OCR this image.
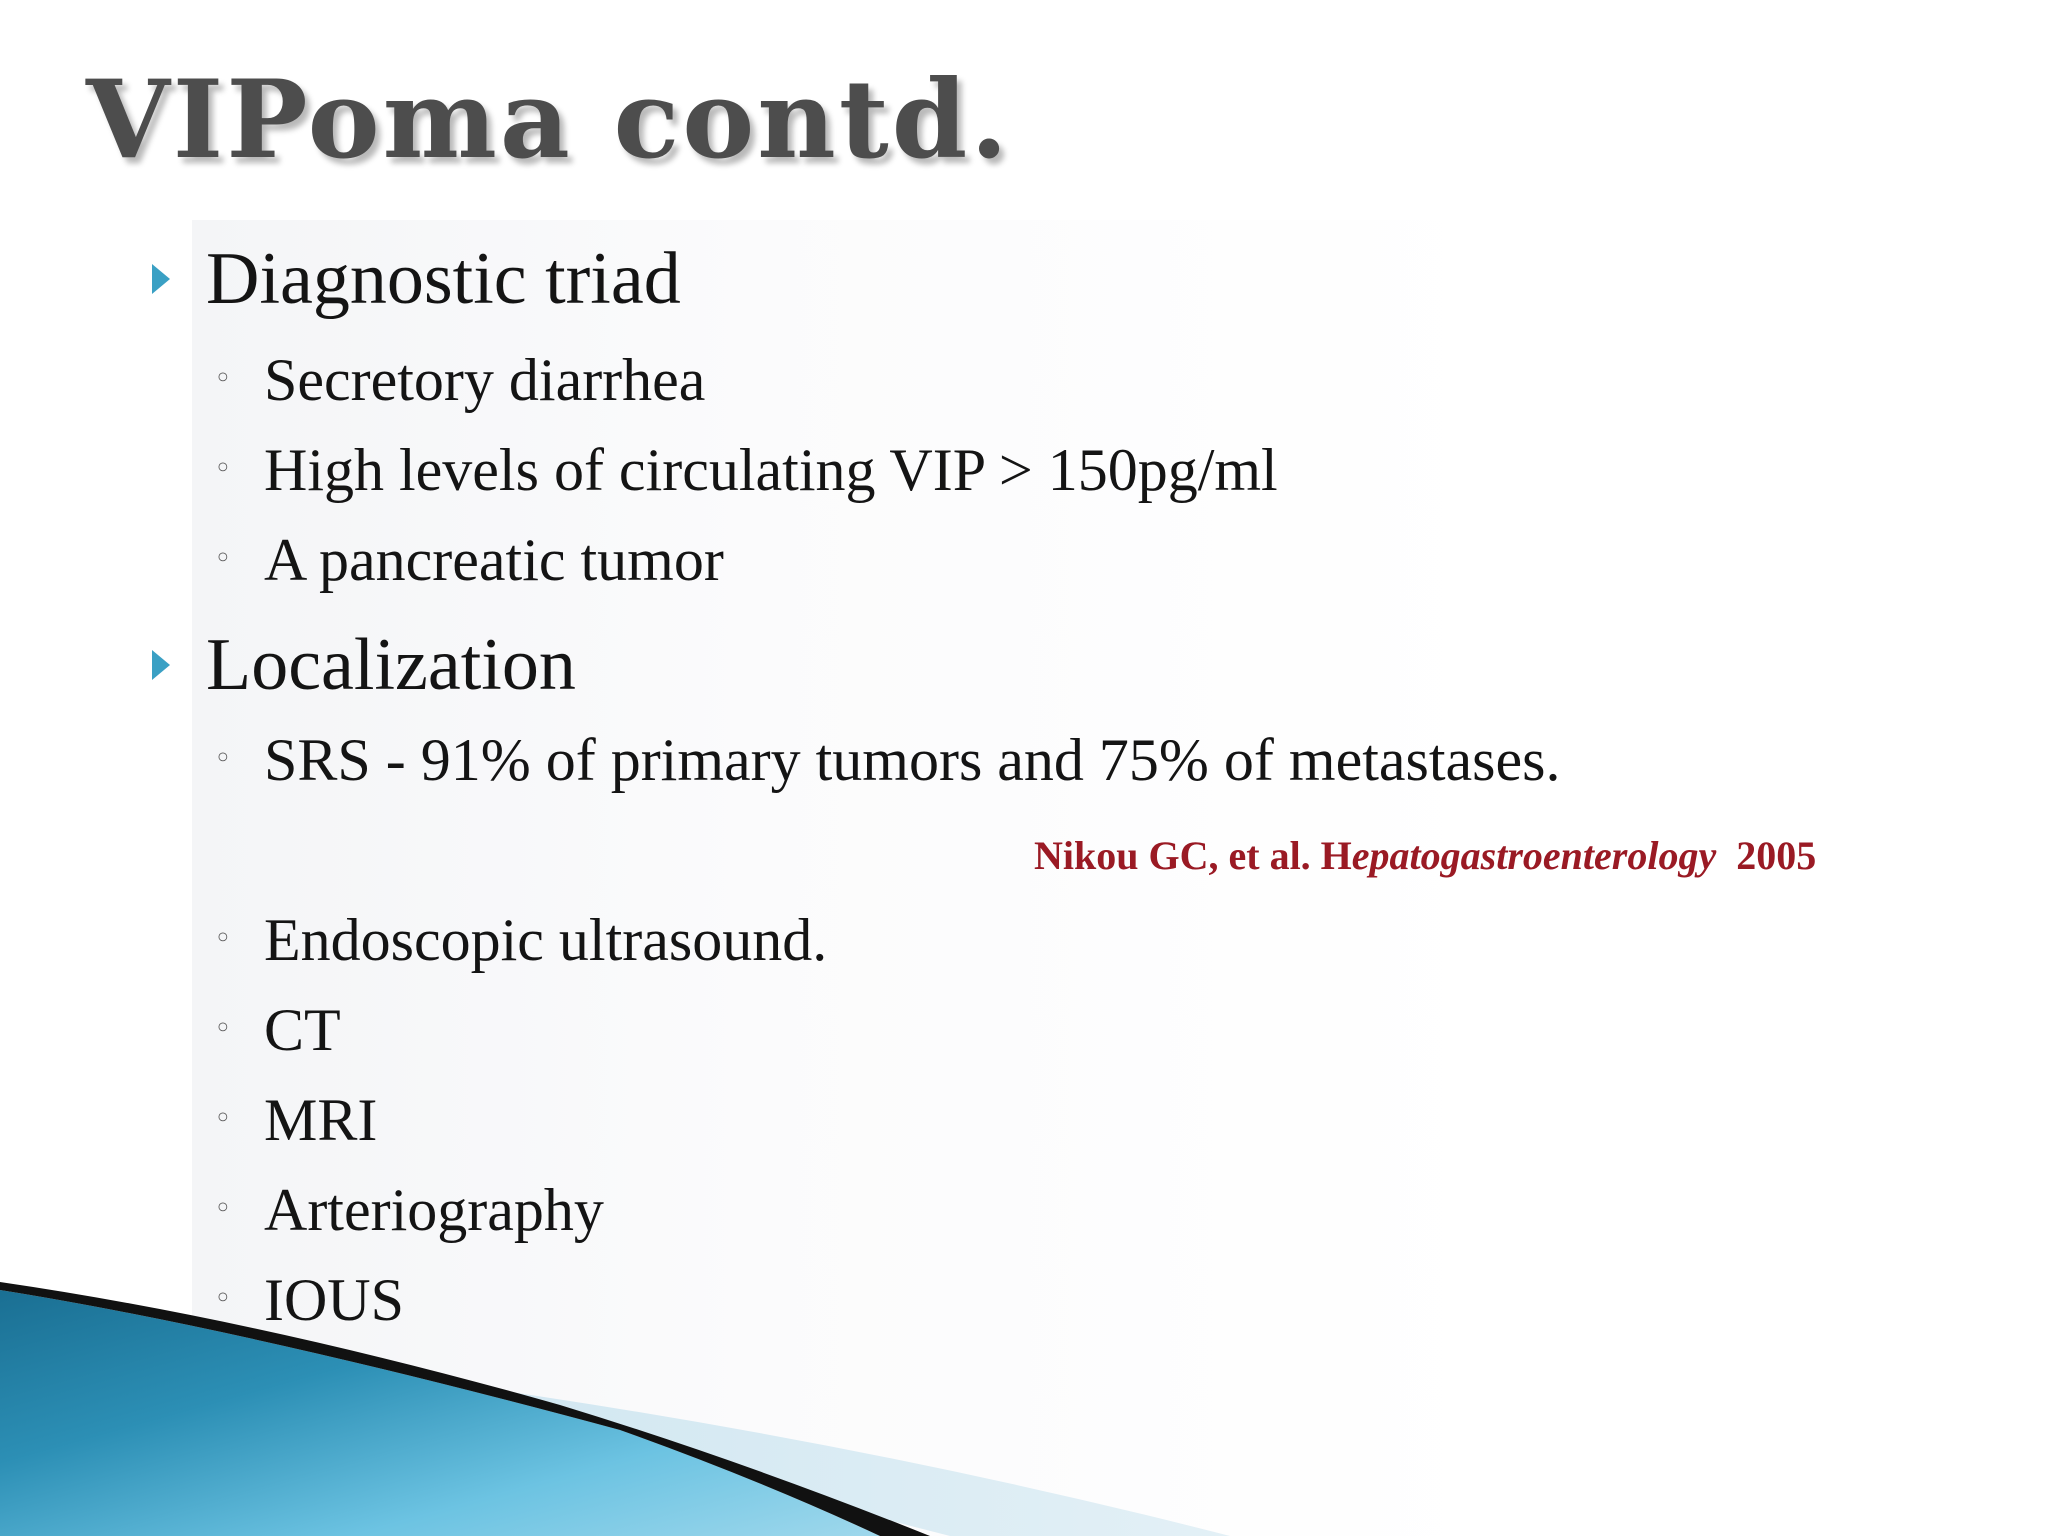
VIPoma contd.
Diagnostic triad
◦ Secretory diarrhea
◦ High levels of circulating VIP > 150pg/ml
◦ A pancreatic tumor
Localization
◦ SRS - 91% of primary tumors and 75% of metastases.
Nikou GC, et al. Hepatogastroenterology 2005
◦ Endoscopic ultrasound.
◦ CT
◦ MRI
◦ Arteriography
◦ IOUS
